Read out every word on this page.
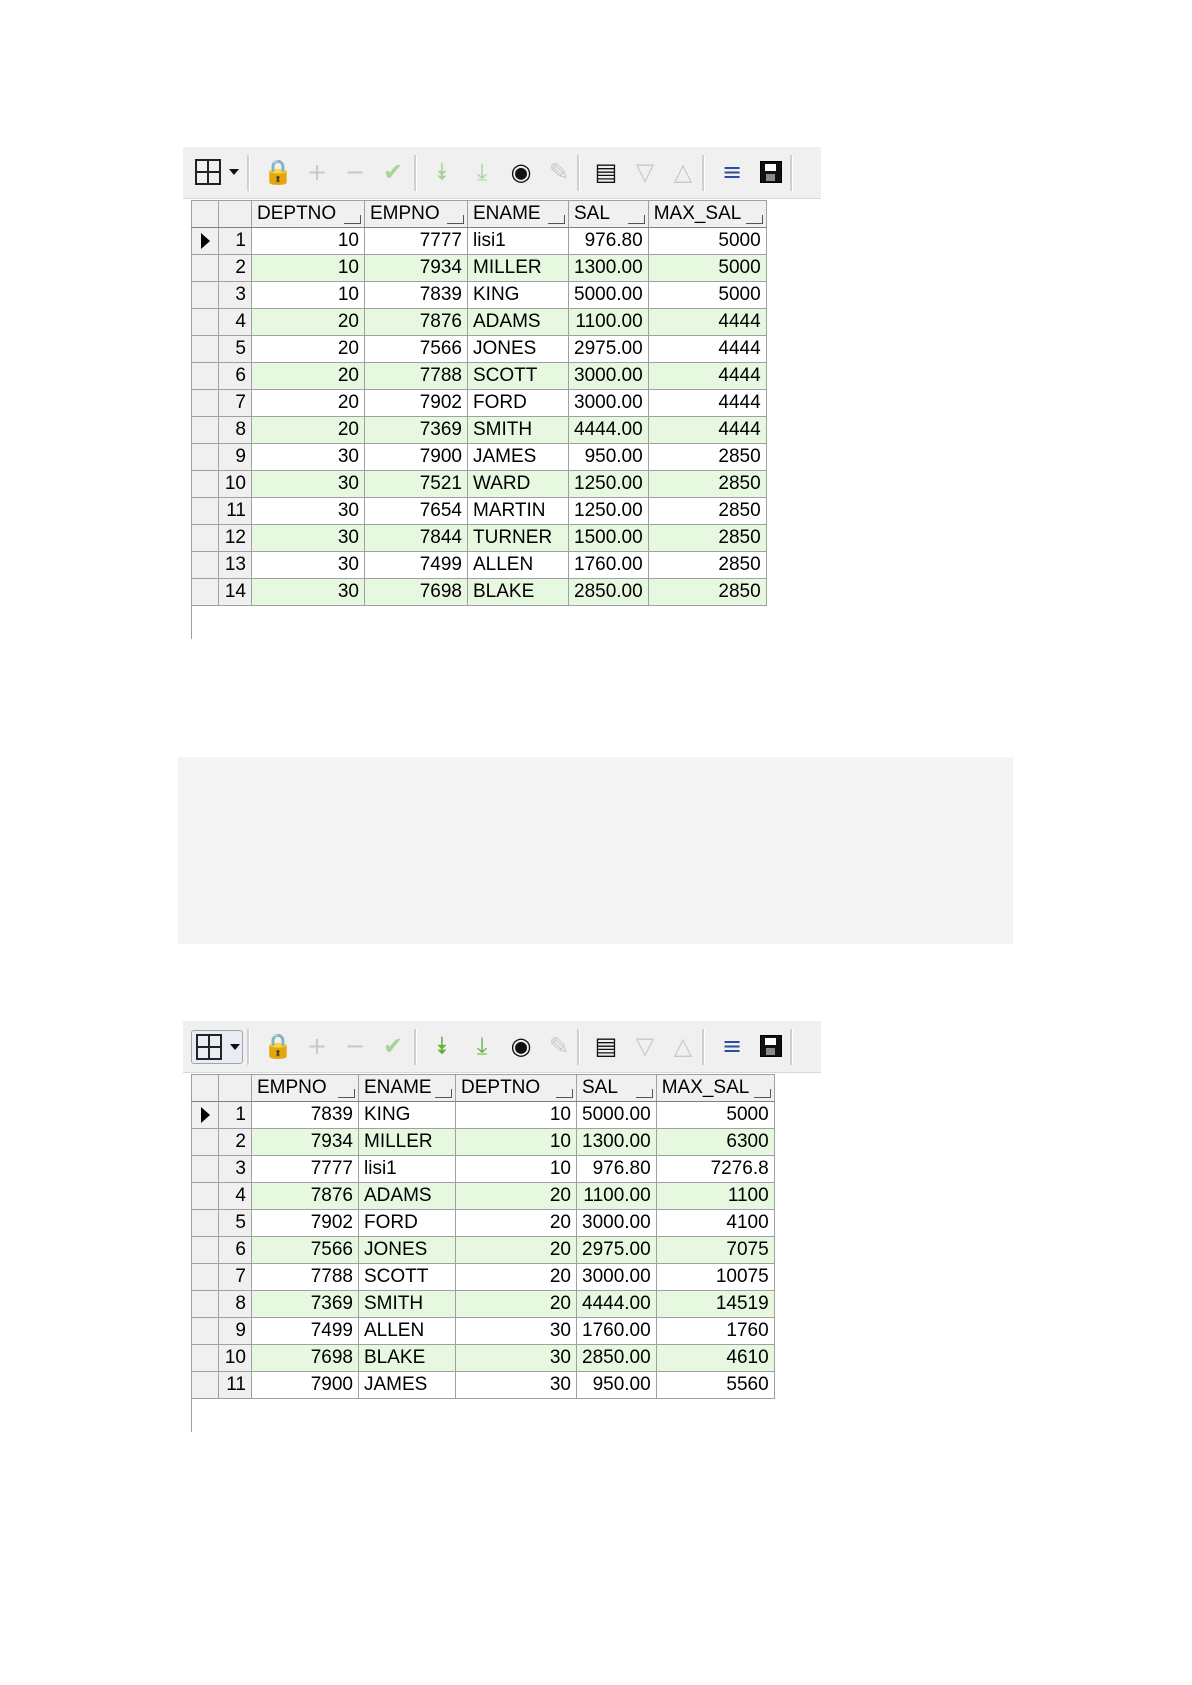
🔒 + − ✔	⯯	⤓ ◉ ✎ ▤ ▽ △ ≡
		DEPTNO	EMPNO	ENAME	SAL	MAX_SAL

	1	10	7777	lisi1	976.80	5000
	2	10	7934	MILLER	1300.00	5000
	3	10	7839	KING	5000.00	5000
	4	20	7876	ADAMS	1100.00	4444
	5	20	7566	JONES	2975.00	4444
	6	20	7788	SCOTT	3000.00	4444
	7	20	7902	FORD	3000.00	4444
	8	20	7369	SMITH	4444.00	4444
	9	30	7900	JAMES	950.00	2850
	10	30	7521	WARD	1250.00	2850
	11	30	7654	MARTIN	1250.00	2850
	12	30	7844	TURNER	1500.00	2850
	13	30	7499	ALLEN	1760.00	2850
	14	30	7698	BLAKE	2850.00	2850
🔒 + − ✔	⯯	⤓ ◉ ✎ ▤ ▽ △ ≡
		EMPNO	ENAME	DEPTNO	SAL	MAX_SAL

	1	7839	KING	10	5000.00	5000
	2	7934	MILLER	10	1300.00	6300
	3	7777	lisi1	10	976.80	7276.8
	4	7876	ADAMS	20	1100.00	1100
	5	7902	FORD	20	3000.00	4100
	6	7566	JONES	20	2975.00	7075
	7	7788	SCOTT	20	3000.00	10075
	8	7369	SMITH	20	4444.00	14519
	9	7499	ALLEN	30	1760.00	1760
	10	7698	BLAKE	30	2850.00	4610
	11	7900	JAMES	30	950.00	5560
